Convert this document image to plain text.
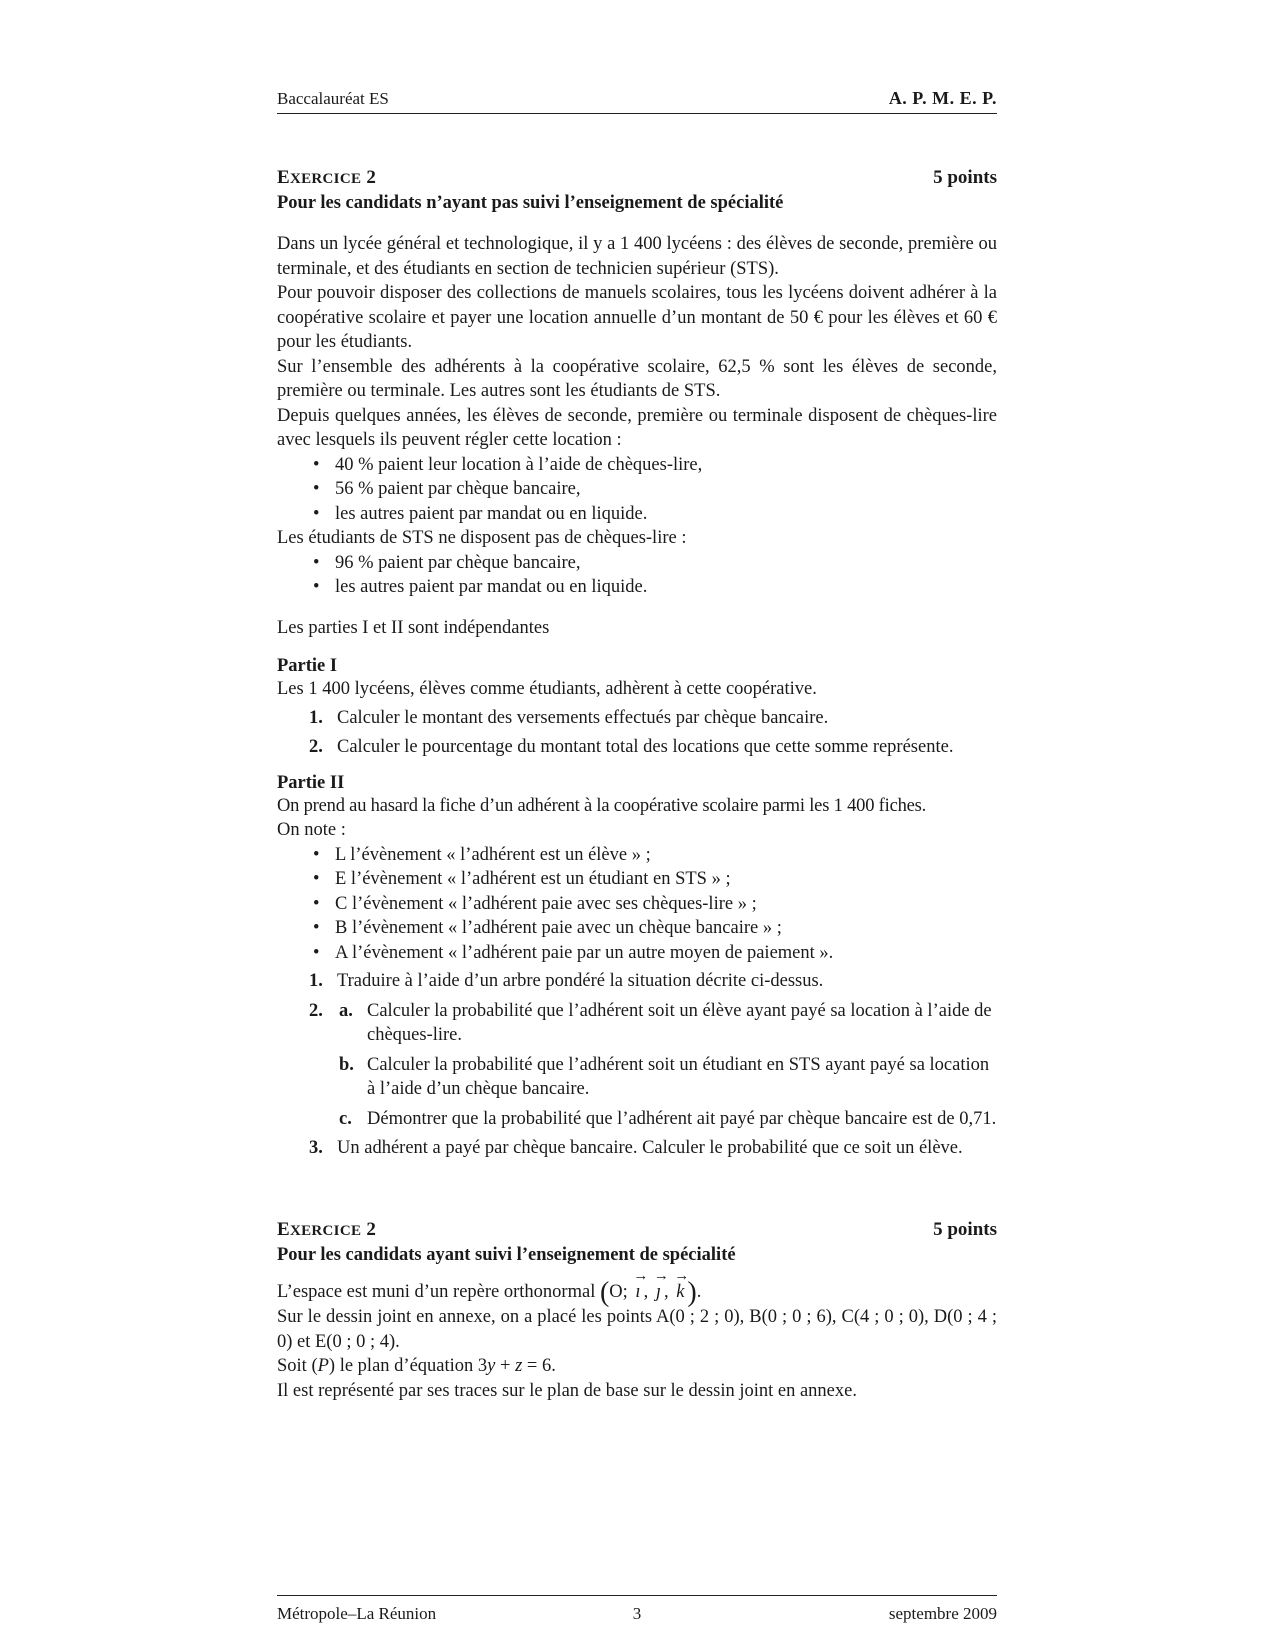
Baccalauréat ES	A. P. M. E. P.
EXERCICE 2	5 points
Pour les candidats n’ayant pas suivi l’enseignement de spécialité

Dans un lycée général et technologique, il y a 1 400 lycéens : des élèves de seconde, première ou terminale, et des étudiants en section de technicien supérieur (STS).

Pour pouvoir disposer des collections de manuels scolaires, tous les lycéens doivent adhérer à la coopérative scolaire et payer une location annuelle d’un montant de 50 € pour les élèves et 60 € pour les étudiants.

Sur l’ensemble des adhérents à la coopérative scolaire, 62,5 % sont les élèves de seconde, première ou terminale. Les autres sont les étudiants de STS.

Depuis quelques années, les élèves de seconde, première ou terminale disposent de chèques-lire avec lesquels ils peuvent régler cette location :

• 40 % paient leur location à l’aide de chèques-lire,
• 56 % paient par chèque bancaire,
• les autres paient par mandat ou en liquide.

Les étudiants de STS ne disposent pas de chèques-lire :

• 96 % paient par chèque bancaire,
• les autres paient par mandat ou en liquide.

Les parties I et II sont indépendantes

Partie I

Les 1 400 lycéens, élèves comme étudiants, adhèrent à cette coopérative.

1. Calculer le montant des versements effectués par chèque bancaire.
2. Calculer le pourcentage du montant total des locations que cette somme représente.
Partie II

On prend au hasard la fiche d’un adhérent à la coopérative scolaire parmi les 1 400 fiches.

On note :

• L l’évènement « l’adhérent est un élève » ;
• E l’évènement « l’adhérent est un étudiant en STS » ;
• C l’évènement « l’adhérent paie avec ses chèques-lire » ;
• B l’évènement « l’adhérent paie avec un chèque bancaire » ;
• A l’évènement « l’adhérent paie par un autre moyen de paiement ».
1. Traduire à l’aide d’un arbre pondéré la situation décrite ci-dessus.
2. a. Calculer la probabilité que l’adhérent soit un élève ayant payé sa location à l’aide de chèques-lire.
b. Calculer la probabilité que l’adhérent soit un étudiant en STS ayant payé sa location à l’aide d’un chèque bancaire.
c. Démontrer que la probabilité que l’adhérent ait payé par chèque bancaire est de 0,71.
3. Un adhérent a payé par chèque bancaire. Calculer le probabilité que ce soit un élève.
EXERCICE 2	5 points
Pour les candidats ayant suivi l’enseignement de spécialité

L’espace est muni d’un repère orthonormal (O; → ı , → ȷ , → k ).

Sur le dessin joint en annexe, on a placé les points A(0 ; 2 ; 0), B(0 ; 0 ; 6), C(4 ; 0 ; 0), D(0 ; 4 ; 0) et E(0 ; 0 ; 4).

Soit (P) le plan d’équation 3y + z = 6.

Il est représenté par ses traces sur le plan de base sur le dessin joint en annexe.

Métropole–La Réunion	3	septembre 2009
